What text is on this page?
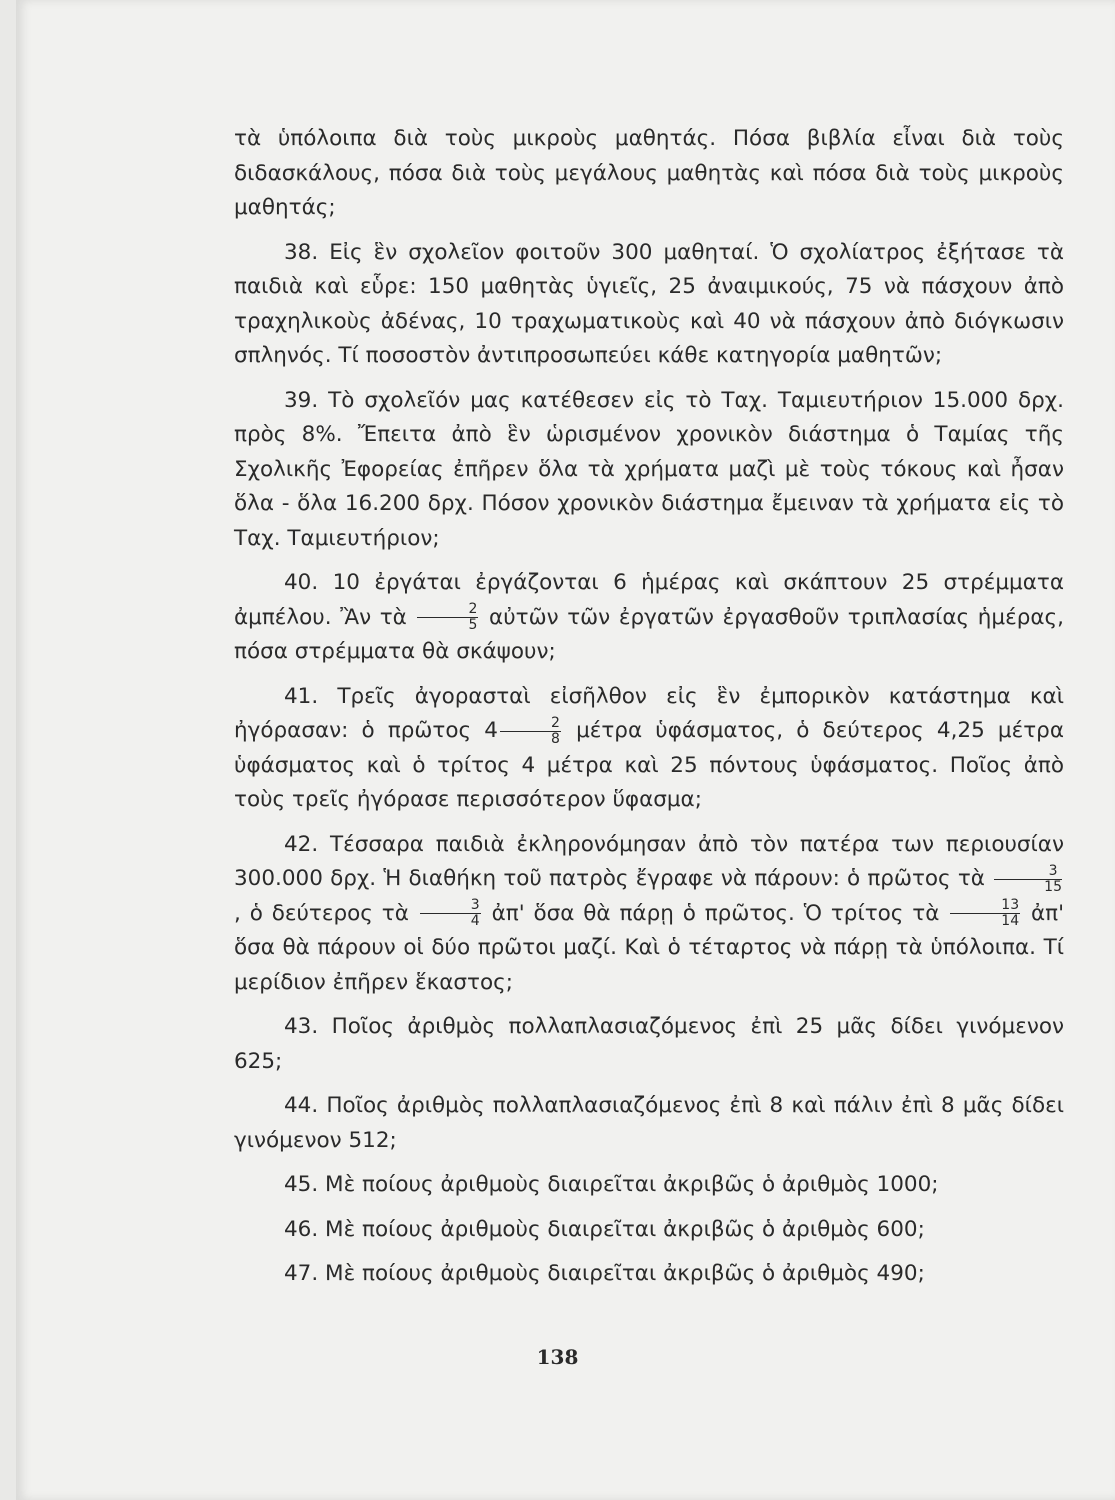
τὰ ὑπόλοιπα διὰ τοὺς μικροὺς μαθητάς. Πόσα βιβλία εἶναι διὰ τοὺς διδασκάλους, πόσα διὰ τοὺς μεγάλους μαθητὰς καὶ πόσα διὰ τοὺς μικροὺς μαθητάς;

38. Εἰς ἓν σχολεῖον φοιτοῦν 300 μαθηταί. Ὁ σχολίατρος ἐξήτασε τὰ παιδιὰ καὶ εὗρε: 150 μαθητὰς ὑγιεῖς, 25 ἀναιμικούς, 75 νὰ πάσχουν ἀπὸ τραχηλικοὺς ἀδένας, 10 τραχωματικοὺς καὶ 40 νὰ πάσχουν ἀπὸ διόγκωσιν σπληνός. Τί ποσοστὸν ἀντιπροσωπεύει κάθε κατηγορία μαθητῶν;

39. Τὸ σχολεῖόν μας κατέθεσεν εἰς τὸ Ταχ. Ταμιευτήριον 15.000 δρχ. πρὸς 8%. Ἔπειτα ἀπὸ ἓν ὡρισμένον χρονικὸν διάστημα ὁ Ταμίας τῆς Σχολικῆς Ἐφορείας ἐπῆρεν ὅλα τὰ χρήματα μαζὶ μὲ τοὺς τόκους καὶ ἦσαν ὅλα - ὅλα 16.200 δρχ. Πόσον χρονικὸν διάστημα ἔμειναν τὰ χρήματα εἰς τὸ Ταχ. Ταμιευτήριον;

40. 10 ἐργάται ἐργάζονται 6 ἡμέρας καὶ σκάπτουν 25 στρέμματα ἀμπέλου. Ἂν τὰ $\frac{2}{5}$ αὐτῶν τῶν ἐργατῶν ἐργασθοῦν τριπλασίας ἡμέρας, πόσα στρέμματα θὰ σκάψουν;

41. Τρεῖς ἀγορασταὶ εἰσῆλθον εἰς ἓν ἐμπορικὸν κατάστημα καὶ ἠγόρασαν: ὁ πρῶτος $4 \frac{2}{8}$ μέτρα ὑφάσματος, ὁ δεύτερος 4,25 μέτρα ὑφάσματος καὶ ὁ τρίτος 4 μέτρα καὶ 25 πόντους ὑφάσματος. Ποῖος ἀπὸ τοὺς τρεῖς ἠγόρασε περισσότερον ὕφασμα;

42. Τέσσαρα παιδιὰ ἐκληρονόμησαν ἀπὸ τὸν πατέρα των περιουσίαν 300.000 δρχ. Ἡ διαθήκη τοῦ πατρὸς ἔγραφε νὰ πάρουν: ὁ πρῶτος τὰ $\frac{3}{15}$
, ὁ δεύτερος τὰ $\frac{3}{4}$ ἀπ' ὅσα θὰ πάρῃ ὁ πρῶτος. Ὁ τρίτος τὰ $\frac{13}{14}$ ἀπ' ὅσα θὰ πάρουν οἱ δύο πρῶτοι μαζί. Καὶ ὁ τέταρτος νὰ πάρῃ τὰ ὑπόλοιπα. Τί μερίδιον ἐπῆρεν ἕκαστος;

43. Ποῖος ἀριθμὸς πολλαπλασιαζόμενος ἐπὶ 25 μᾶς δίδει γινόμενον 625;

44. Ποῖος ἀριθμὸς πολλαπλασιαζόμενος ἐπὶ 8 καὶ πάλιν ἐπὶ 8 μᾶς δίδει γινόμενον 512;

45. Μὲ ποίους ἀριθμοὺς διαιρεῖται ἀκριβῶς ὁ ἀριθμὸς 1000;

46. Μὲ ποίους ἀριθμοὺς διαιρεῖται ἀκριβῶς ὁ ἀριθμὸς 600;

47. Μὲ ποίους ἀριθμοὺς διαιρεῖται ἀκριβῶς ὁ ἀριθμὸς 490;

138
